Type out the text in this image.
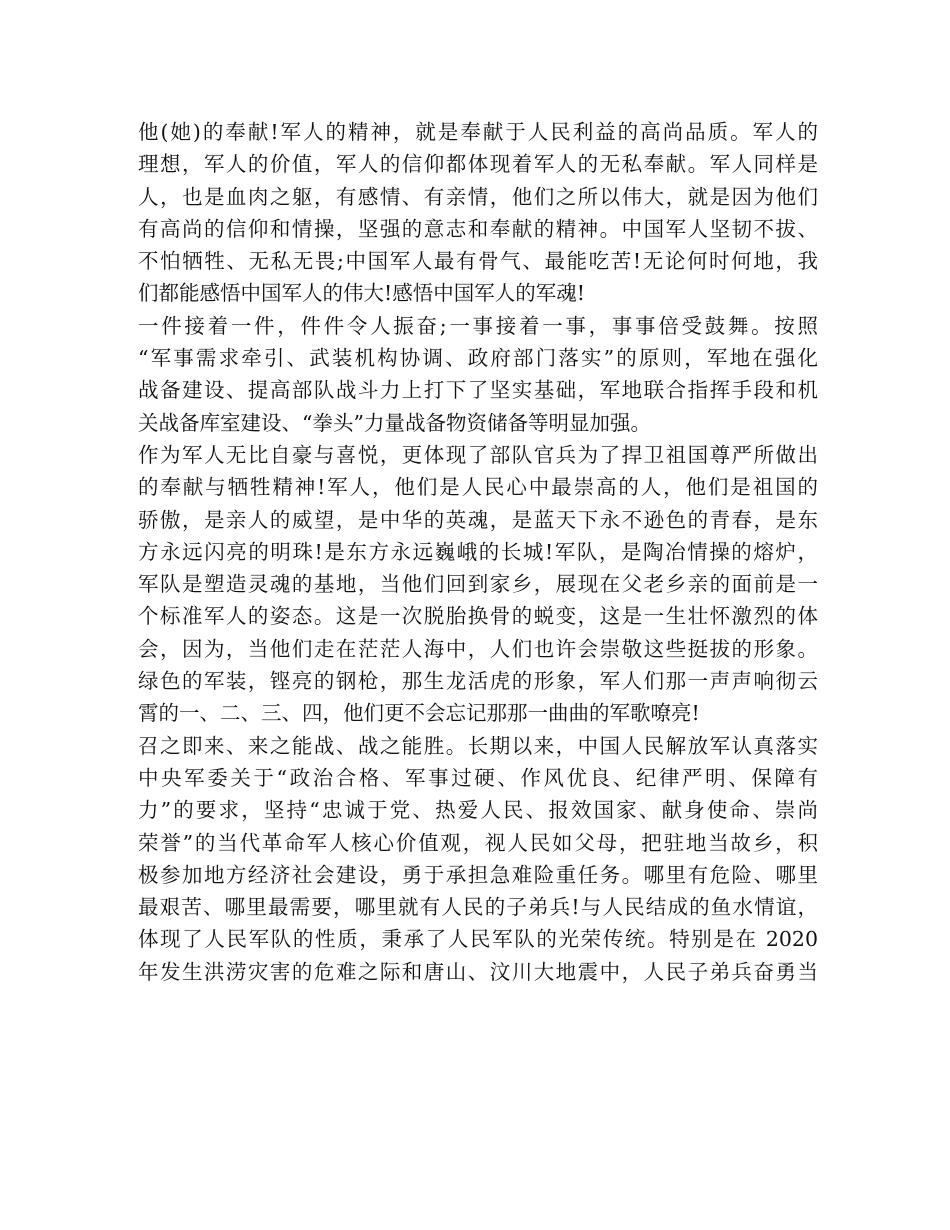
他(她)的奉献!军人的精神，就是奉献于人民利益的高尚品质。军人的
理想，军人的价值，军人的信仰都体现着军人的无私奉献。军人同样是
人，也是血肉之躯，有感情、有亲情，他们之所以伟大，就是因为他们
有高尚的信仰和情操，坚强的意志和奉献的精神。中国军人坚韧不拔、
不怕牺牲、无私无畏;中国军人最有骨气、最能吃苦!无论何时何地，我
们都能感悟中国军人的伟大!感悟中国军人的军魂!
一件接着一件，件件令人振奋;一事接着一事，事事倍受鼓舞。按照
“军事需求牵引、武装机构协调、政府部门落实”的原则，军地在强化
战备建设、提高部队战斗力上打下了坚实基础，军地联合指挥手段和机
关战备库室建设、“拳头”力量战备物资储备等明显加强。
作为军人无比自豪与喜悦，更体现了部队官兵为了捍卫祖国尊严所做出
的奉献与牺牲精神!军人，他们是人民心中最崇高的人，他们是祖国的
骄傲，是亲人的威望，是中华的英魂，是蓝天下永不逊色的青春，是东
方永远闪亮的明珠!是东方永远巍峨的长城!军队，是陶冶情操的熔炉，
军队是塑造灵魂的基地，当他们回到家乡，展现在父老乡亲的面前是一
个标准军人的姿态。这是一次脱胎换骨的蜕变，这是一生壮怀激烈的体
会，因为，当他们走在茫茫人海中，人们也许会崇敬这些挺拔的形象。
绿色的军装，铿亮的钢枪，那生龙活虎的形象，军人们那一声声响彻云
霄的一、二、三、四，他们更不会忘记那那一曲曲的军歌嘹亮!
召之即来、来之能战、战之能胜。长期以来，中国人民解放军认真落实
中央军委关于“政治合格、军事过硬、作风优良、纪律严明、保障有
力”的要求，坚持“忠诚于党、热爱人民、报效国家、献身使命、崇尚
荣誉”的当代革命军人核心价值观，视人民如父母，把驻地当故乡，积
极参加地方经济社会建设，勇于承担急难险重任务。哪里有危险、哪里
最艰苦、哪里最需要，哪里就有人民的子弟兵!与人民结成的鱼水情谊，
体现了人民军队的性质，秉承了人民军队的光荣传统。特别是在 2020
年发生洪涝灾害的危难之际和唐山、汶川大地震中，人民子弟兵奋勇当
